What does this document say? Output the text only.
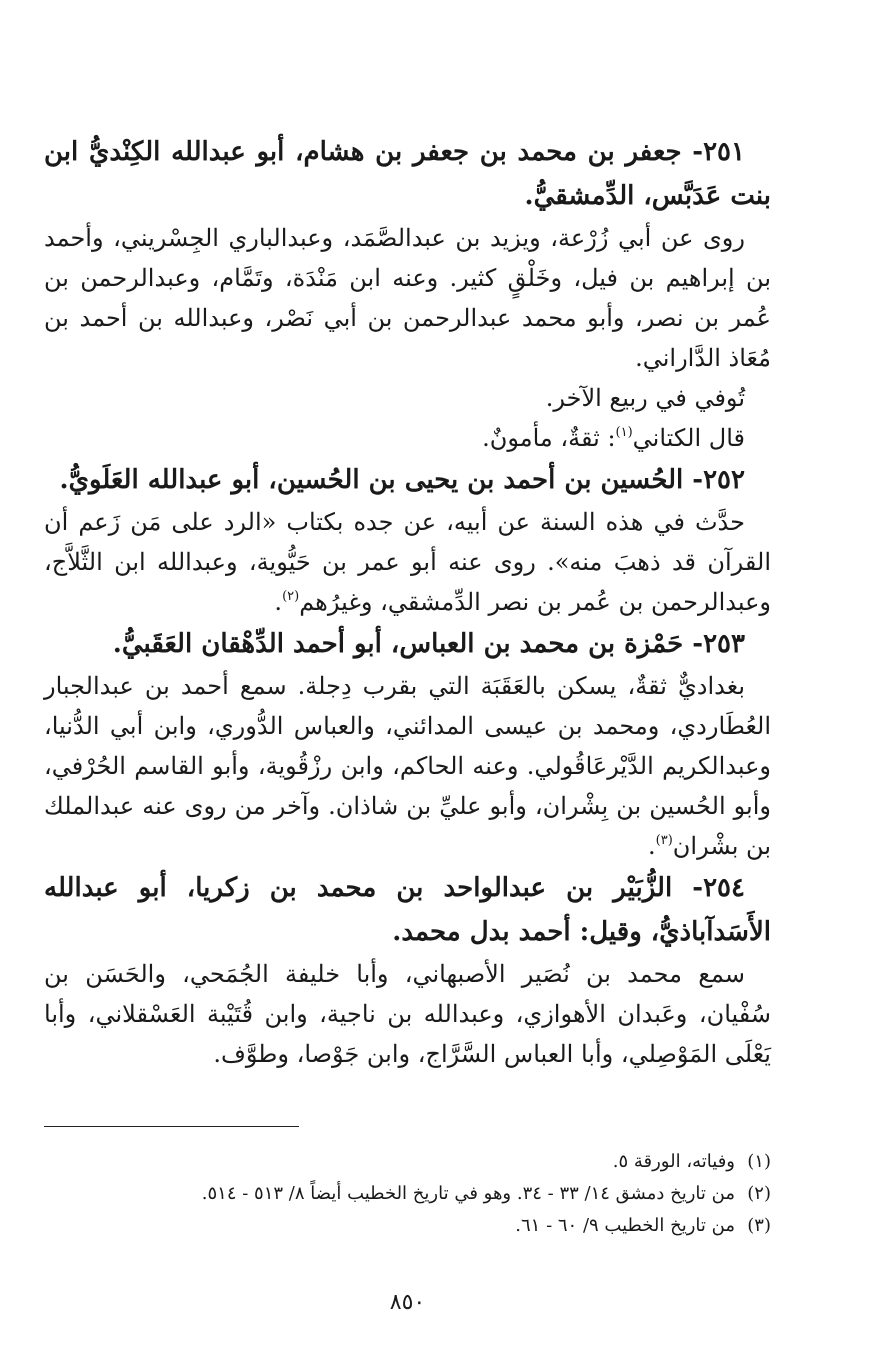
٢٥١- جعفر بن محمد بن جعفر بن هشام، أبو عبدالله الكِنْديُّ ابن بنت عَدَبَّس، الدِّمشقيُّ.

روى عن أبي زُرْعة، ويزيد بن عبدالصَّمَد، وعبدالباري الجِسْريني، وأحمد بن إبراهيم بن فيل، وخَلْقٍ كثير. وعنه ابن مَنْدَة، وتَمَّام، وعبدالرحمن بن عُمر بن نصر، وأبو محمد عبدالرحمن بن أبي نَصْر، وعبدالله بن أحمد بن مُعَاذ الدَّاراني.

تُوفي في ربيع الآخر.

قال الكتاني$^{(١)}$: ثقةٌ، مأمونٌ.

٢٥٢- الحُسين بن أحمد بن يحيى بن الحُسين، أبو عبدالله العَلَويُّ.

حدَّث في هذه السنة عن أبيه، عن جده بكتاب «الرد على مَن زَعم أن القرآن قد ذهبَ منه». روى عنه أبو عمر بن حَيُّوية، وعبدالله ابن الثَّلاَّج، وعبدالرحمن بن عُمر بن نصر الدِّمشقي، وغيرُهم$^{(٢)}$.

٢٥٣- حَمْزة بن محمد بن العباس، أبو أحمد الدِّهْقان العَقَبيُّ.

بغداديٌّ ثقةٌ، يسكن بالعَقَبَة التي بقرب دِجلة. سمع أحمد بن عبدالجبار العُطَاردي، ومحمد بن عيسى المدائني، والعباس الدُّوري، وابن أبي الدُّنيا، وعبدالكريم الدَّيْرعَاقُولي. وعنه الحاكم، وابن رزْقُوية، وأبو القاسم الحُرْفي، وأبو الحُسين بن بِشْران، وأبو عليِّ بن شاذان. وآخر من روى عنه عبدالملك بن بشْران$^{(٣)}$.

٢٥٤- الزُّبَيْر بن عبدالواحد بن محمد بن زكريا، أبو عبدالله الأَسَدآباذيُّ، وقيل: أحمد بدل محمد.

سمع محمد بن نُصَير الأصبهاني، وأبا خليفة الجُمَحي، والحَسَن بن سُفْيان، وعَبدان الأهوازي، وعبدالله بن ناجية، وابن قُتَيْبة العَسْقلاني، وأبا يَعْلَى المَوْصِلي، وأبا العباس السَّرَّاج، وابن جَوْصا، وطوَّف.

(١)
وفياته، الورقة ٥.

(٢)
من تاريخ دمشق ١٤/ ٣٣ - ٣٤. وهو في تاريخ الخطيب أيضاً ٨/ ٥١٣ - ٥١٤.

(٣)
من تاريخ الخطيب ٩/ ٦٠ - ٦١.

٨٥٠
